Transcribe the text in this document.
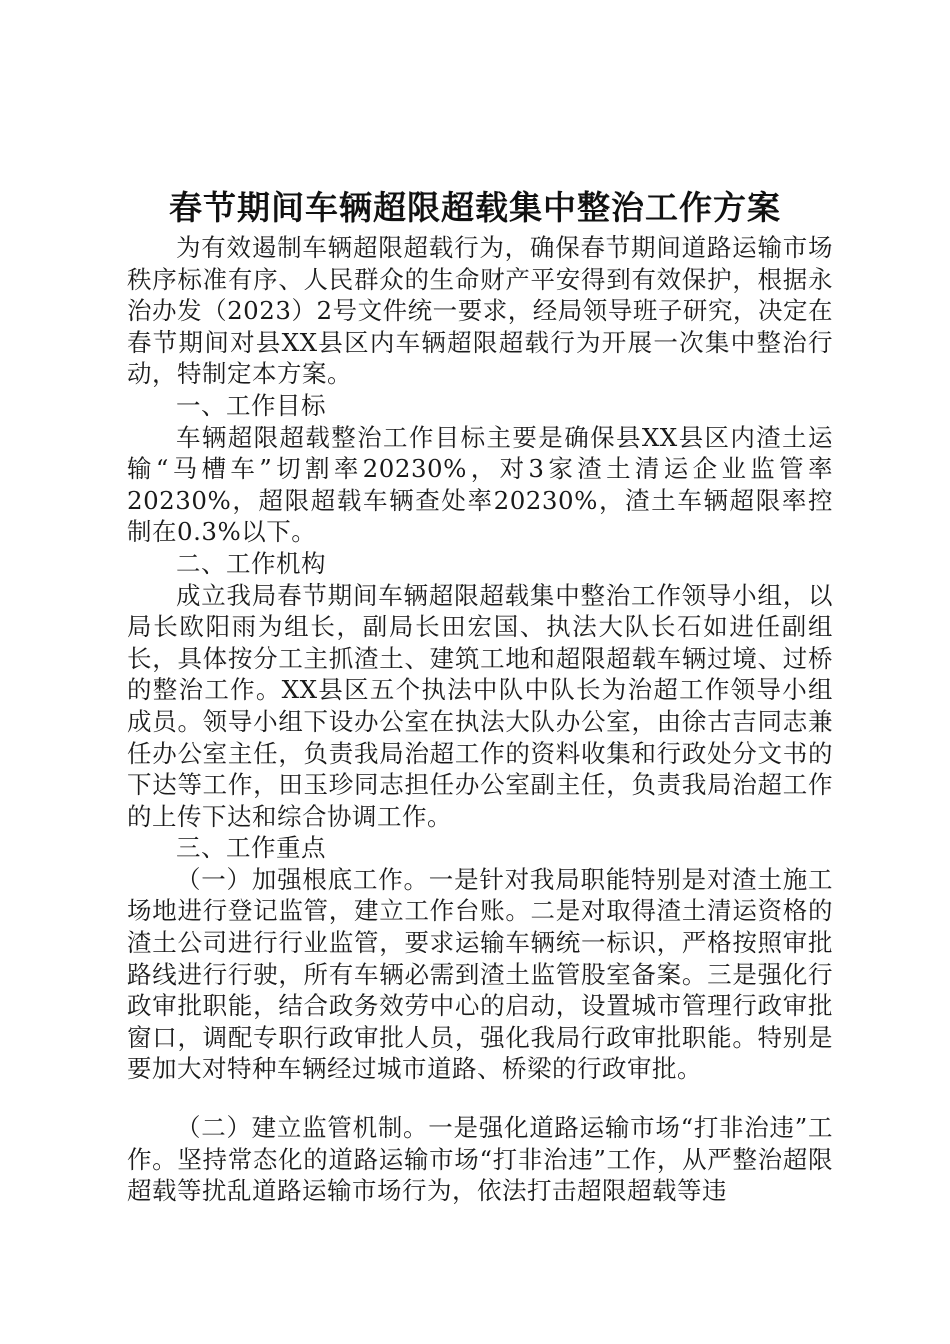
春节期间车辆超限超载集中整治工作方案

为有效遏制车辆超限超载行为，确保春节期间道路运输市场秩序标准有序、人民群众的生命财产平安得到有效保护，根据永治办发（2023）2号文件统一要求，经局领导班子研究，决定在春节期间对县XX县区内车辆超限超载行为开展一次集中整治行动，特制定本方案。

一、工作目标

车辆超限超载整治工作目标主要是确保县XX县区内渣土运输“马槽车”切割率20230%，对3家渣土清运企业监管率20230%，超限超载车辆查处率20230%，渣土车辆超限率控制在0.3%以下。

二、工作机构

成立我局春节期间车辆超限超载集中整治工作领导小组，以局长欧阳雨为组长，副局长田宏国、执法大队长石如进任副组长，具体按分工主抓渣土、建筑工地和超限超载车辆过境、过桥的整治工作。XX县区五个执法中队中队长为治超工作领导小组成员。领导小组下设办公室在执法大队办公室，由徐古吉同志兼任办公室主任，负责我局治超工作的资料收集和行政处分文书的下达等工作，田玉珍同志担任办公室副主任，负责我局治超工作的上传下达和综合协调工作。

三、工作重点

（一）加强根底工作。一是针对我局职能特别是对渣土施工场地进行登记监管，建立工作台账。二是对取得渣土清运资格的渣土公司进行行业监管，要求运输车辆统一标识，严格按照审批路线进行行驶，所有车辆必需到渣土监管股室备案。三是强化行政审批职能，结合政务效劳中心的启动，设置城市管理行政审批窗口，调配专职行政审批人员，强化我局行政审批职能。特别是要加大对特种车辆经过城市道路、桥梁的行政审批。

（二）建立监管机制。一是强化道路运输市场“打非治违”工作。坚持常态化的道路运输市场“打非治违”工作，从严整治超限超载等扰乱道路运输市场行为，依法打击超限超载等违
